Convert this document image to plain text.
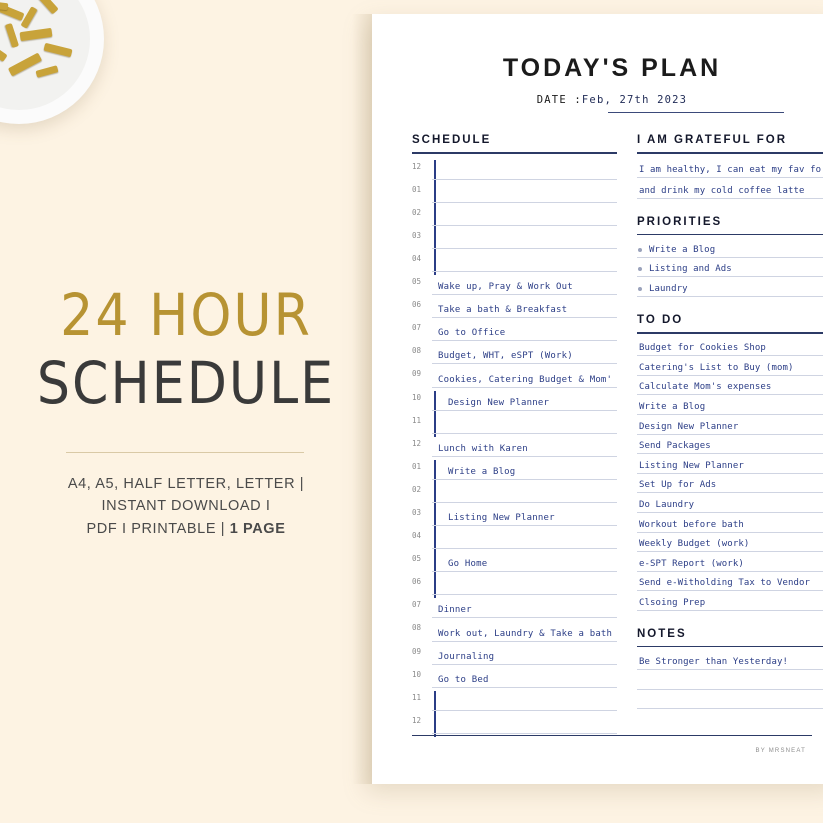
24 HOUR
SCHEDULE
A4, A5, HALF LETTER, LETTER |
INSTANT DOWNLOAD I
PDF I PRINTABLE | 1 PAGE
TODAY'S PLAN
DATE :Feb, 27th 2023
SCHEDULE
12
01
02
03
04
05
Wake up, Pray & Work Out
06
Take a bath & Breakfast
07
Go to Office
08
Budget, WHT, eSPT (Work)
09
Cookies, Catering Budget & Mom'
10
Design New Planner
11
12
Lunch with Karen
01
Write a Blog
02
03
Listing New Planner
04
05
Go Home
06
07
Dinner
08
Work out, Laundry & Take a bath
09
Journaling
10
Go to Bed
11
12
I AM GRATEFUL FOR
I am healthy, I can eat my fav fo
and drink my cold coffee latte
PRIORITIES
Write a Blog
Listing and Ads
Laundry
TO DO
Budget for Cookies Shop
Catering's List to Buy (mom)
Calculate Mom's expenses
Write a Blog
Design New Planner
Send Packages
Listing New Planner
Set Up for Ads
Do Laundry
Workout before bath
Weekly Budget (work)
e-SPT Report (work)
Send e-Witholding Tax to Vendor
Clsoing Prep
NOTES
Be Stronger than Yesterday!
BY MRSNEAT
